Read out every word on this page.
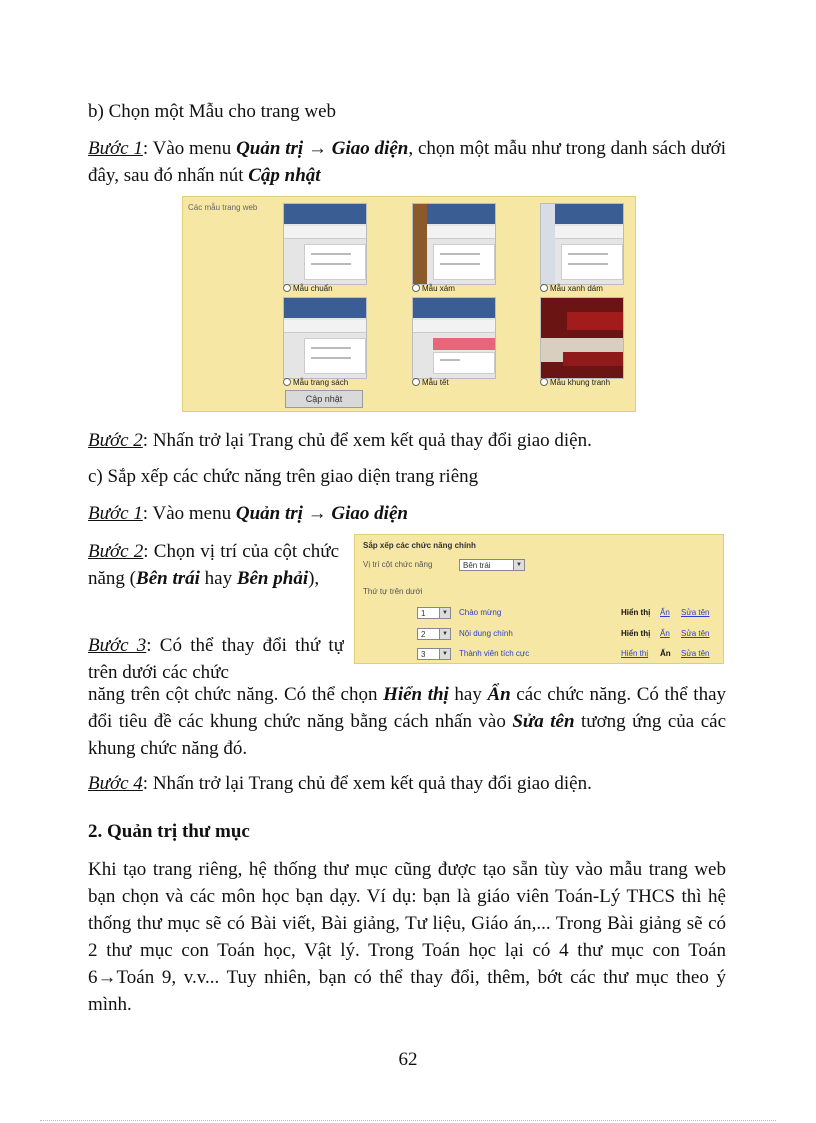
b) Chọn một Mẫu cho trang web

Bước 1: Vào menu Quản trị → Giao diện, chọn một mẫu như trong danh sách dưới đây, sau đó nhấn nút Cập nhật

Các mẫu trang web
Mẫu chuẩn	Mẫu xám	Mẫu xanh dám
Mẫu trang sách	Mẫu tết	Mẫu khung tranh
Cập nhật

Bước 2: Nhấn trở lại Trang chủ để xem kết quả thay đổi giao diện.

c) Sắp xếp các chức năng trên giao diện trang riêng

Bước 1: Vào menu Quản trị → Giao diện

Bước 2: Chọn vị trí của cột chức năng (Bên trái hay Bên phải),

Sắp xếp các chức năng chính
Vị trí cột chức năng	Bên trái	▼
Thứ tự trên dưới
1	▼ Chào mừng	Hiển thị Ẩn Sửa tên
2	▼ Nội dung chính	Hiển thị Ẩn Sửa tên
3	▼ Thành viên tích cực	Hiển thị Ẩn Sửa tên

Bước 3: Có thể thay đổi thứ tự trên dưới các chức

năng trên cột chức năng. Có thể chọn Hiển thị hay Ẩn các chức năng. Có thể thay đổi tiêu đề các khung chức năng bằng cách nhấn vào Sửa tên tương ứng của các khung chức năng đó.

Bước 4: Nhấn trở lại Trang chủ để xem kết quả thay đổi giao diện.

2. Quản trị thư mục

Khi tạo trang riêng, hệ thống thư mục cũng được tạo sẵn tùy vào mẫu trang web bạn chọn và các môn học bạn dạy. Ví dụ: bạn là giáo viên Toán-Lý THCS thì hệ thống thư mục sẽ có Bài viết, Bài giảng, Tư liệu, Giáo án,... Trong Bài giảng sẽ có 2 thư mục con Toán học, Vật lý. Trong Toán học lại có 4 thư mục con Toán 6→Toán 9, v.v... Tuy nhiên, bạn có thể thay đổi, thêm, bớt các thư mục theo ý mình.

62
